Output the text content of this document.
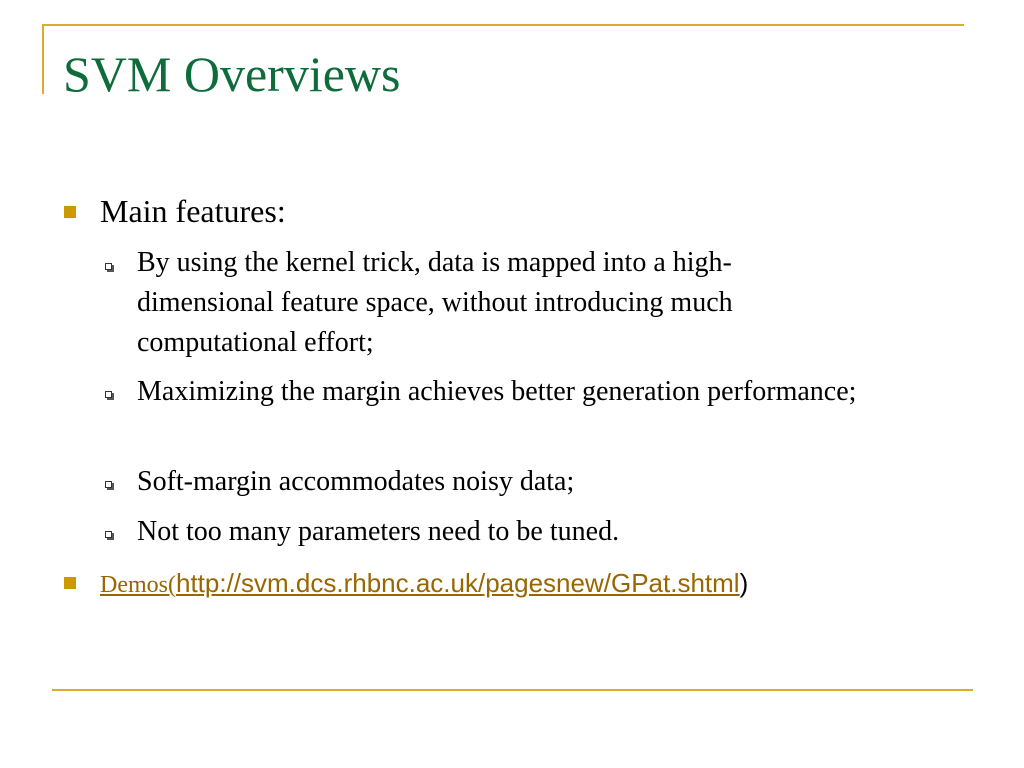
SVM Overviews
Main features:
By using the kernel trick, data is mapped into a high-dimensional feature space, without introducing much computational effort;
Maximizing the margin achieves better generation performance;
Soft-margin accommodates noisy data;
Not too many parameters need to be tuned.
Demos(http://svm.dcs.rhbnc.ac.uk/pagesnew/GPat.shtml)
